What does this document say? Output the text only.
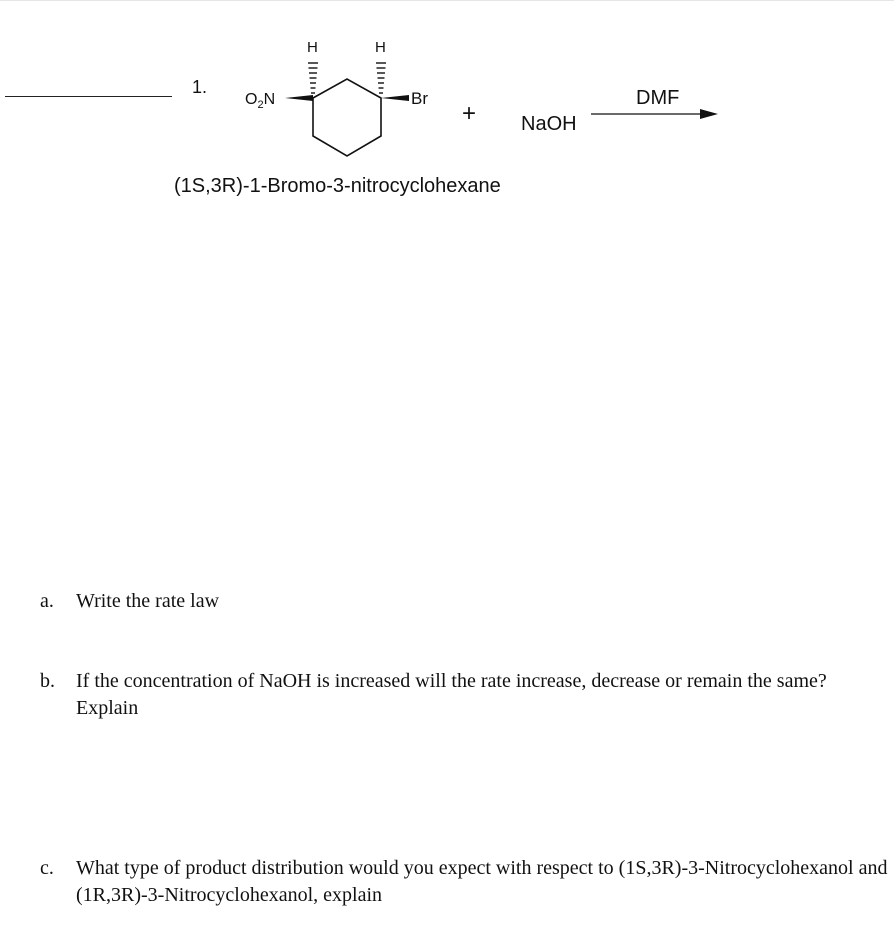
1.
$O_2N$	Br
H	H
+ NaOH
DMF
(1S,3R)-1-Bromo-3-nitrocyclohexane
a.	Write the rate law
b.	If the concentration of NaOH is increased will the rate increase, decrease or remain the same? Explain
c.	What type of product distribution would you expect with respect to (1S,3R)-3-Nitrocyclohexanol and (1R,3R)-3-Nitrocyclohexanol, explain
